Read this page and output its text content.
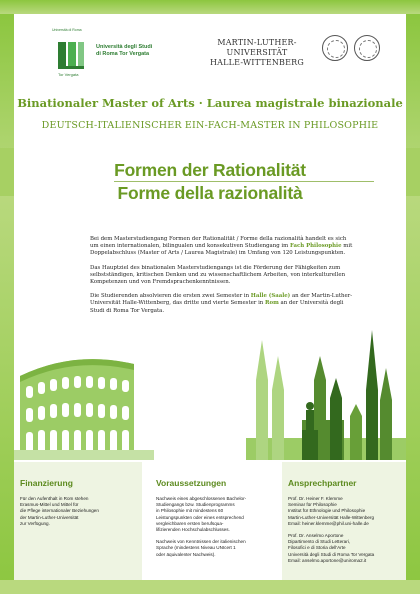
Università di Roma
Tor Vergata
Università degli Studi
di Roma Tor Vergata
MARTIN-LUTHER-UNIVERSITÄT
HALLE-WITTENBERG
Binationaler Master of Arts · Laurea magistrale binazionale
DEUTSCH-ITALIENISCHER EIN-FACH-MASTER IN PHILOSOPHIE
Formen der Rationalität
Forme della razionalità

Bei dem Masterstudiengang Formen der Rationalität / Forme della razionalità handelt es sich um einen internationalen, bilingualen und konsekutiven Studiengang im Fach Philosophie mit Doppelabschluss (Master of Arts / Laurea Magistrale) im Umfang von 120 Leistungspunkten.

Das Hauptziel des binationalen Masterstudiengangs ist die Förderung der Fähigkeiten zum selbstständigen, kritischen Denken und zu wissenschaftlichem Arbeiten, von interkulturellen Kompetenzen und von Fremdsprachenkenntnissen.

Die Studierenden absolvieren die ersten zwei Semester in Halle (Saale) an der Martin-Luther-Universität Halle-Wittenberg, das dritte und vierte Semester in Rom an der Università degli Studi di Roma Tor Vergata.

Finanzierung
Für den Aufenthalt in Rom stehen
Erasmus-Mittel und Mittel für
die Pflege internationaler Beziehungen
der Martin-Luther-Universität
zur Verfügung.
Voraussetzungen

Nachweis eines abgeschlossenen Bachelor-
Studiengangs bzw. Studienprogramms
in Philosophie mit mindestens 60
Leistungspunkten oder eines entsprechend
vergleichbaren ersten berufsqua-
lifizierenden Hochschulabschlusses.

Nachweis von Kenntnissen der italienischen
Sprache (mindestens Niveau UNIcert 1
oder äquivalenter Nachweis).

Ansprechpartner

Prof. Dr. Heiner F. Klemme
Seminar für Philosophie
Institut für Ethnologie und Philosophie
Martin-Luther-Universität Halle-Wittenberg
Email: heiner.klemme@phil.uni-halle.de

Prof. Dr. Anselmo Aportone
Dipartimento di Studi Letterari,
Filosofici e di Storia dell'Arte
Università degli Studi di Roma Tor Vergata
Email: anselmo.aportone@uniroma2.it
